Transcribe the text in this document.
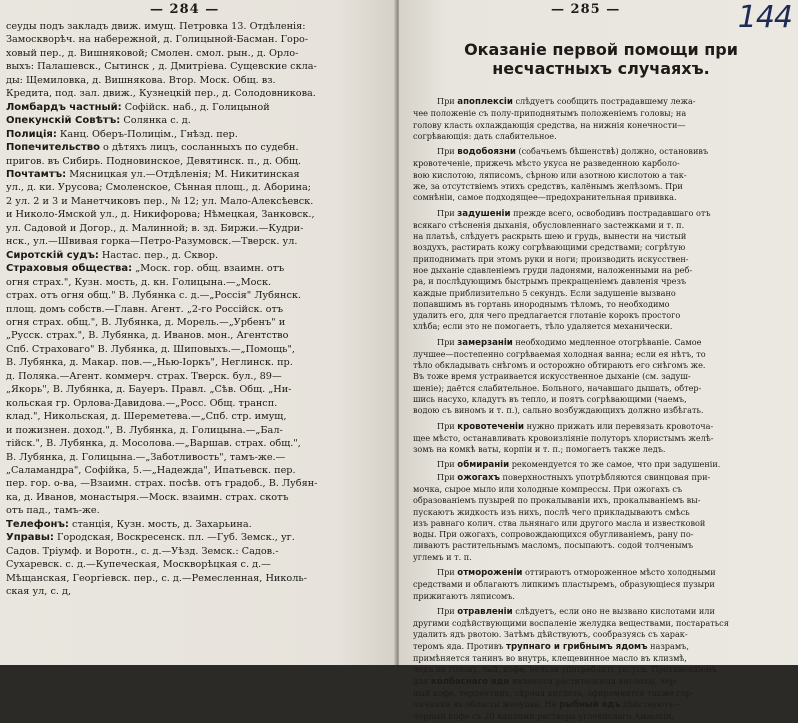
— 284 —
сеуды подъ закладъ движ. имущ. Петровка 13. Отдѣленія:
Замоскворѣч. на набережной, д. Голицыной-Басман. Горо-
ховый пер., д. Вишняковой; Смолен. смол. рын., д. Орло-
выхъ: Палашевск., Сытинск , д. Дмитріева. Сущевские скла-
ды: Щемиловка, д. Вишнякова. Втор. Моск. Общ. вз.
Кредита, под. зал. движ., Кузнецкій пер., д. Солодовникова.
Ломбардъ частный: Софійск. наб., д. Голицыной
Опекунскій Совѣтъ: Солянка с. д.
Полиція: Канц. Оберъ-Полицім., Гнѣзд. пер.
Попечительство о дѣтяхъ лицъ, сосланныхъ по судебн.
пригов. въ Сибирь. Подновинское, Девятинск. п., д. Общ.
Почтамтъ: Мясницкая ул.—Отдѣленія; М. Никитинская
ул., д. ки. Урусова; Смоленское, Сѣнная площ., д. Аборина;
2 ул. 2 и 3 и Манетчиковъ пер., № 12; ул. Мало-Алексѣевск.
и Николо-Ямской ул., д. Никифорова; Нѣмецкая, Занковск.,
ул. Садовой и Догор., д. Малинной; в. зд. Биржи.—Кудри-
нск., ул.—Швивая горка—Петро-Разумовск.—Тверск. ул.
Сиротскій судъ: Настас. пер., д. Сквор.
Страховыя общества: „Моск. гор. общ. взаимн. отъ
огня страх.", Кузн. мость, д. кн. Голицына.—„Моск.
страх. отъ огня общ." В. Лубянка с. д.—„Россія" Лубянск.
площ. домъ собств.—Главн. Агент. „2-го Россійск. отъ
огня страх. общ.", В. Лубянка, д. Морель.—„Урбенъ" и
„Русск. страх.", В. Лубянка, д. Иванов. мон., Агентство
Спб. Страховаго" В. Лубянка, д. Шиповыхъ.—„Помощь",
В. Лубянка, д. Макар. пов.—„Нью-Іоркъ", Неглинск. пр.
д. Поляка.—Агент. коммерч. страх. Тверск. бул., 89—
„Якорь", В. Лубянка, д. Бауеръ. Правл. „Сѣв. Общ. „Ни-
кольская гр. Орлова-Давидова.—„Росс. Общ. трансп.
клад.", Никольская, д. Шереметева.—„Спб. стр. имущ,
и пожизнен. доход.", В. Лубянка, д. Голицына.—„Бал-
тійск.", В. Лубянка, д. Мосолова.—„Варшав. страх. общ.",
В. Лубянка, д. Голицына.—„Заботливость", тамъ-же.—
„Саламандра", Софійка, 5.—„Надежда", Ипатьевск. пер.
пер. гор. о-ва, —Взаимн. страх. посѣв. отъ градоб., В. Лубян-
ка, д. Иванов, монастыря.—Моск. взаимн. страх. скотъ
отъ пад., тамъ-же.
Телефонъ: станція, Кузн. мость, д. Захарьина.
Управы: Городская, Воскресенск. пл. —Губ. Земск., уг.
Садов. Тріумф. и Воротн., с. д.—Уѣзд. Земск.: Садов.-
Сухаревск. с. д.—Купеческая, Москворѣцкая с. д.—
Мѣщанская, Георгіевск. пер., с. д.—Ремесленная, Николь-
ская ул, с. д,
— 285 —	144
Оказаніе первой помощи при несчастныхъ случаяхъ.
При апоплексіи слѣдуетъ сообщить пострадавшему лежа-
чее положеніе съ полу-приподнятымъ положеніемъ головы; на
голову класть охлаждающія средства, на нижнія конечности—
согрѣвающія: дать слабительное.
При водобоязни (собачьемъ бѣшенствѣ) должно, остановивъ
кровотеченіе, прижечь мѣсто укуса не разведенною карболо-
вою кислотою, ляписомъ, сѣрною или азотною кислотою а так-
же, за отсутствіемъ этихъ средствъ, калёнымъ желѣзомъ. При
сомнѣніи, самое подходящее—предохранительная прививка.
При задушеніи прежде всего, освободивъ пострадавшаго отъ
всякаго стѣсненія дыханія, обусловленнаго застежками и т. п.
на платьѣ, слѣдуетъ раскрыть шею и грудь, вынести на чистый
воздухъ, растирать кожу согрѣвающими средствами; согрѣтую
приподнимать при этомъ руки и ноги; производить искусствен-
ное дыханіе сдавленіемъ груди ладонями, наложенными на реб-
ра, и послѣдующимъ быстрымъ прекращеніемъ давленія чрезъ
каждые приблизительно 5 секундъ. Если задушеніе вызвано
попавшимъ въ гортань инороднымъ тѣломъ, то необходимо
удалить его, для чего предлагается глотаніе корокъ простого
хлѣба; если это не помогаетъ, тѣло удаляется механически.
При замерзаніи необходимо медленное отогрѣваніе. Самое
лучшее—постепенно согрѣваемая холодная ванна; если ея нѣтъ, то
тѣло обкладывать снѣгомъ и осторожно обтирають его снѣгомъ же.
Въ тоже время устраивается искусственное дыханіе (см. задуш-
шеніе); даётся слабительное. Больного, начавшаго дышать, обтер-
шись насухо, кладутъ въ тепло, и поятъ согрѣвающими (чаемъ,
водою съ виномъ и т. п.), сально возбуждающихъ должно избѣгать.
При кровотеченіи нужно прижать или перевязать кровоточа-
щее мѣсто, останавливать кровоизліяніе полуторъ хлористымъ желѣ-
зомъ на комкѣ ваты, корпіи и т. п.; помогаетъ также ледъ.
При обмираніи рекомендуется то же самое, что при задушеніи.
При ожогахъ поверхностныхъ употрѣбляются свинцовая при-
мочка, сырое мыло или холодные компрессы. При ожогахъ съ
образованіемъ пузырей по прокалываніи ихъ, прокалываніемъ вы-
пускаютъ жидкость изъ нихъ, послѣ чего прикладываютъ смѣсь
изъ равнаго колич. ства льнянаго или другого масла и известковой
воды. При ожогахъ, сопровождающихся обугливаніемъ, рану по-
ливаютъ растительнымъ масломъ, посыпаютъ. содой толченымъ
углемъ и т. п.
При отмороженіи оттираютъ отмороженное мѣсто холодными
средствами и облагаютъ липкимъ пластыремъ, образующіеся пузыри
прижигаютъ ляписомъ.
При отравленіи слѣдуетъ, если оно не вызвано кислотами или
другими содѣйствующими воспаленіе желудка веществами, постараться
удалить ядъ рвотою. Затѣмъ дѣйствуютъ, сообразуясь съ харак-
теромъ яда. Противъ трупнаго и грибнымъ ядомъ назрамъ,
примѣняется танинъ во внутрь, клещевинное масло въ клизмѣ,
ледъ на голову, чай, кофе, нельзя употреблять уксуса. Противоядіемъ
для колбаснаго яда являются растительныя кислоты, чер-
ный кофе, терпентинъ, сѣрная кислота, эфиромиятся также гор-
чичники въ области желудка. На рыбный ядъ дѣйствуютъ—
черный кофе съ 20 каплями раствора углекислаго Аммоніи,
